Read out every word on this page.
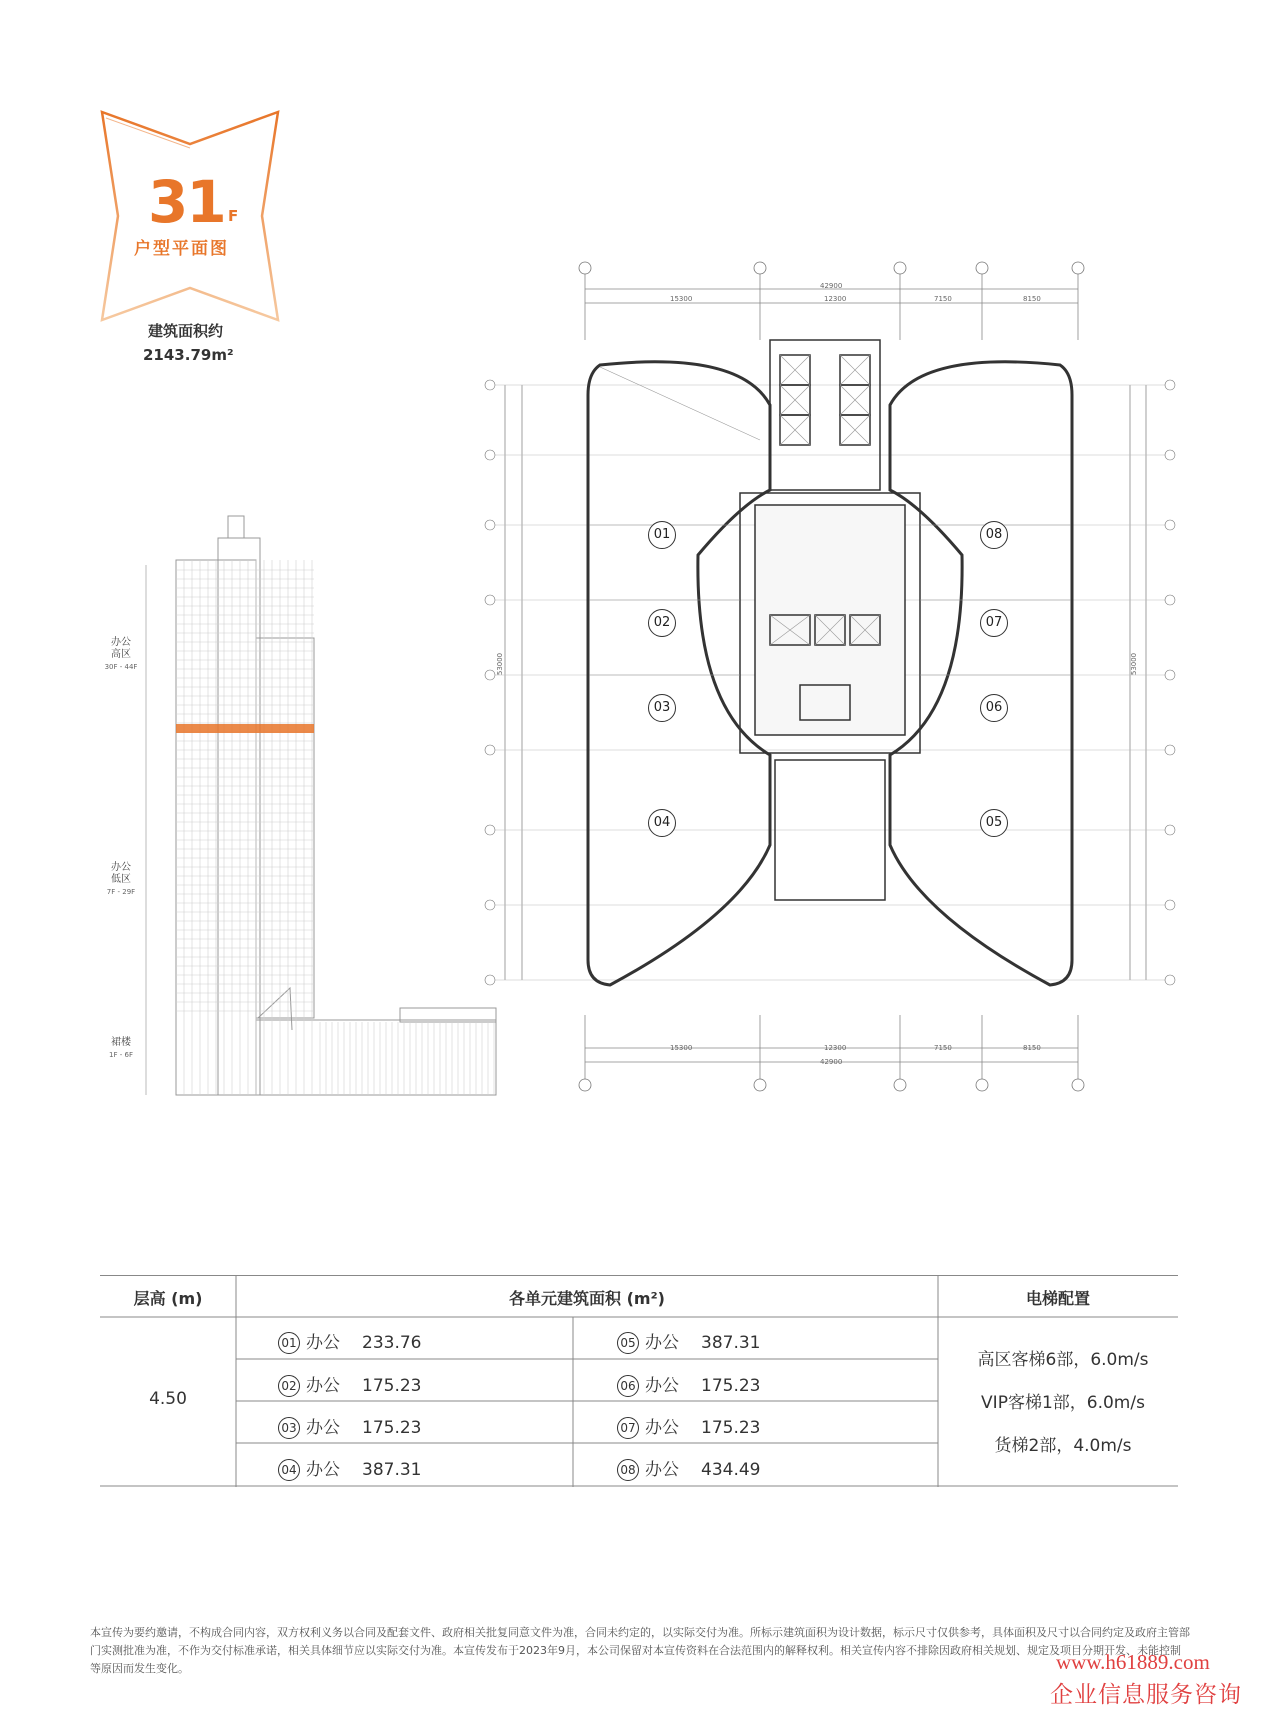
31 F
户型平面图
建筑面积约
2143.79m²
办公
高区
30F - 44F
办公
低区
7F - 29F
裙楼
1F - 6F
42900
15300	12300	7150	8150
15300	12300	7150	8150
42900
53000	53000
01
02
03
04	05
06
07
08
层高 (m)	各单元建筑面积 (m²)	电梯配置
4.50
01 办公 233.76	05 办公 387.31
02 办公 175.23	06 办公 175.23
03 办公 175.23	07 办公 175.23
04 办公 387.31	08 办公 434.49
高区客梯6部，6.0m/s
VIP客梯1部，6.0m/s
货梯2部，4.0m/s
本宣传为要约邀请，不构成合同内容，双方权利义务以合同及配套文件、政府相关批复同意文件为准，合同未约定的，以实际交付为准。所标示建筑面积为设计数据，标示尺寸仅供参考，具体面积及尺寸以合同约定及政府主管部门实测批准为准，不作为交付标准承诺，相关具体细节应以实际交付为准。本宣传发布于2023年9月，本公司保留对本宣传资料在合法范围内的解释权利。相关宣传内容不排除因政府相关规划、规定及项目分期开发、未能控制等原因而发生变化。	www.h61889.com
企业信息服务咨询
